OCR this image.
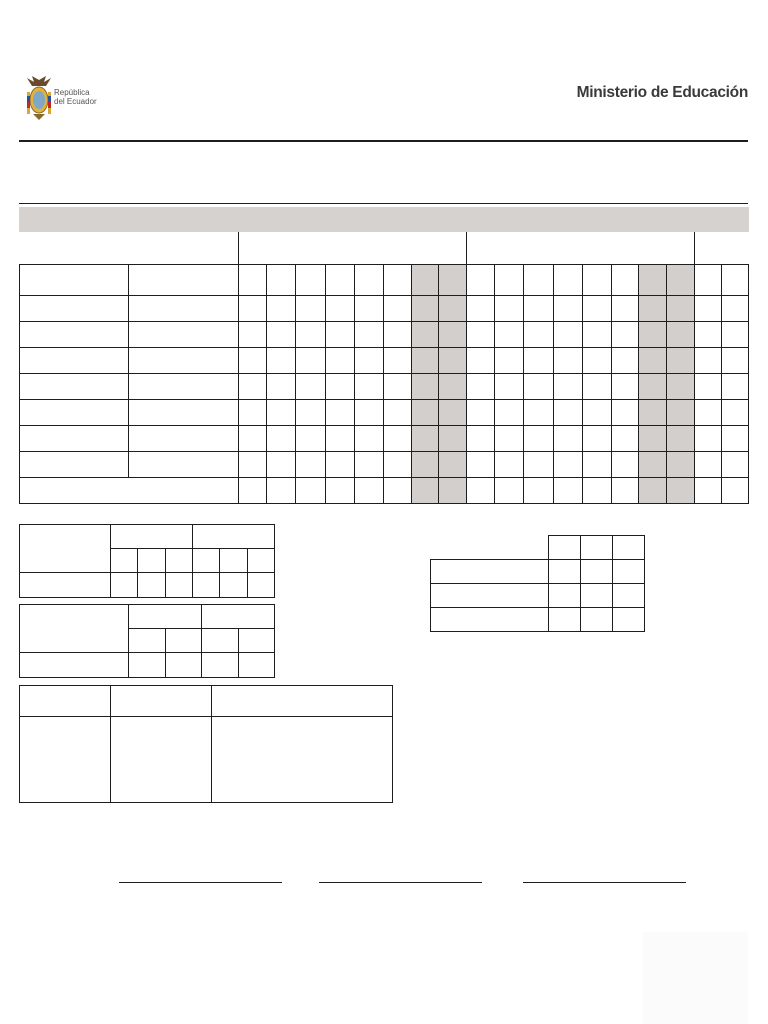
República
del Ecuador
Ministerio de Educación
